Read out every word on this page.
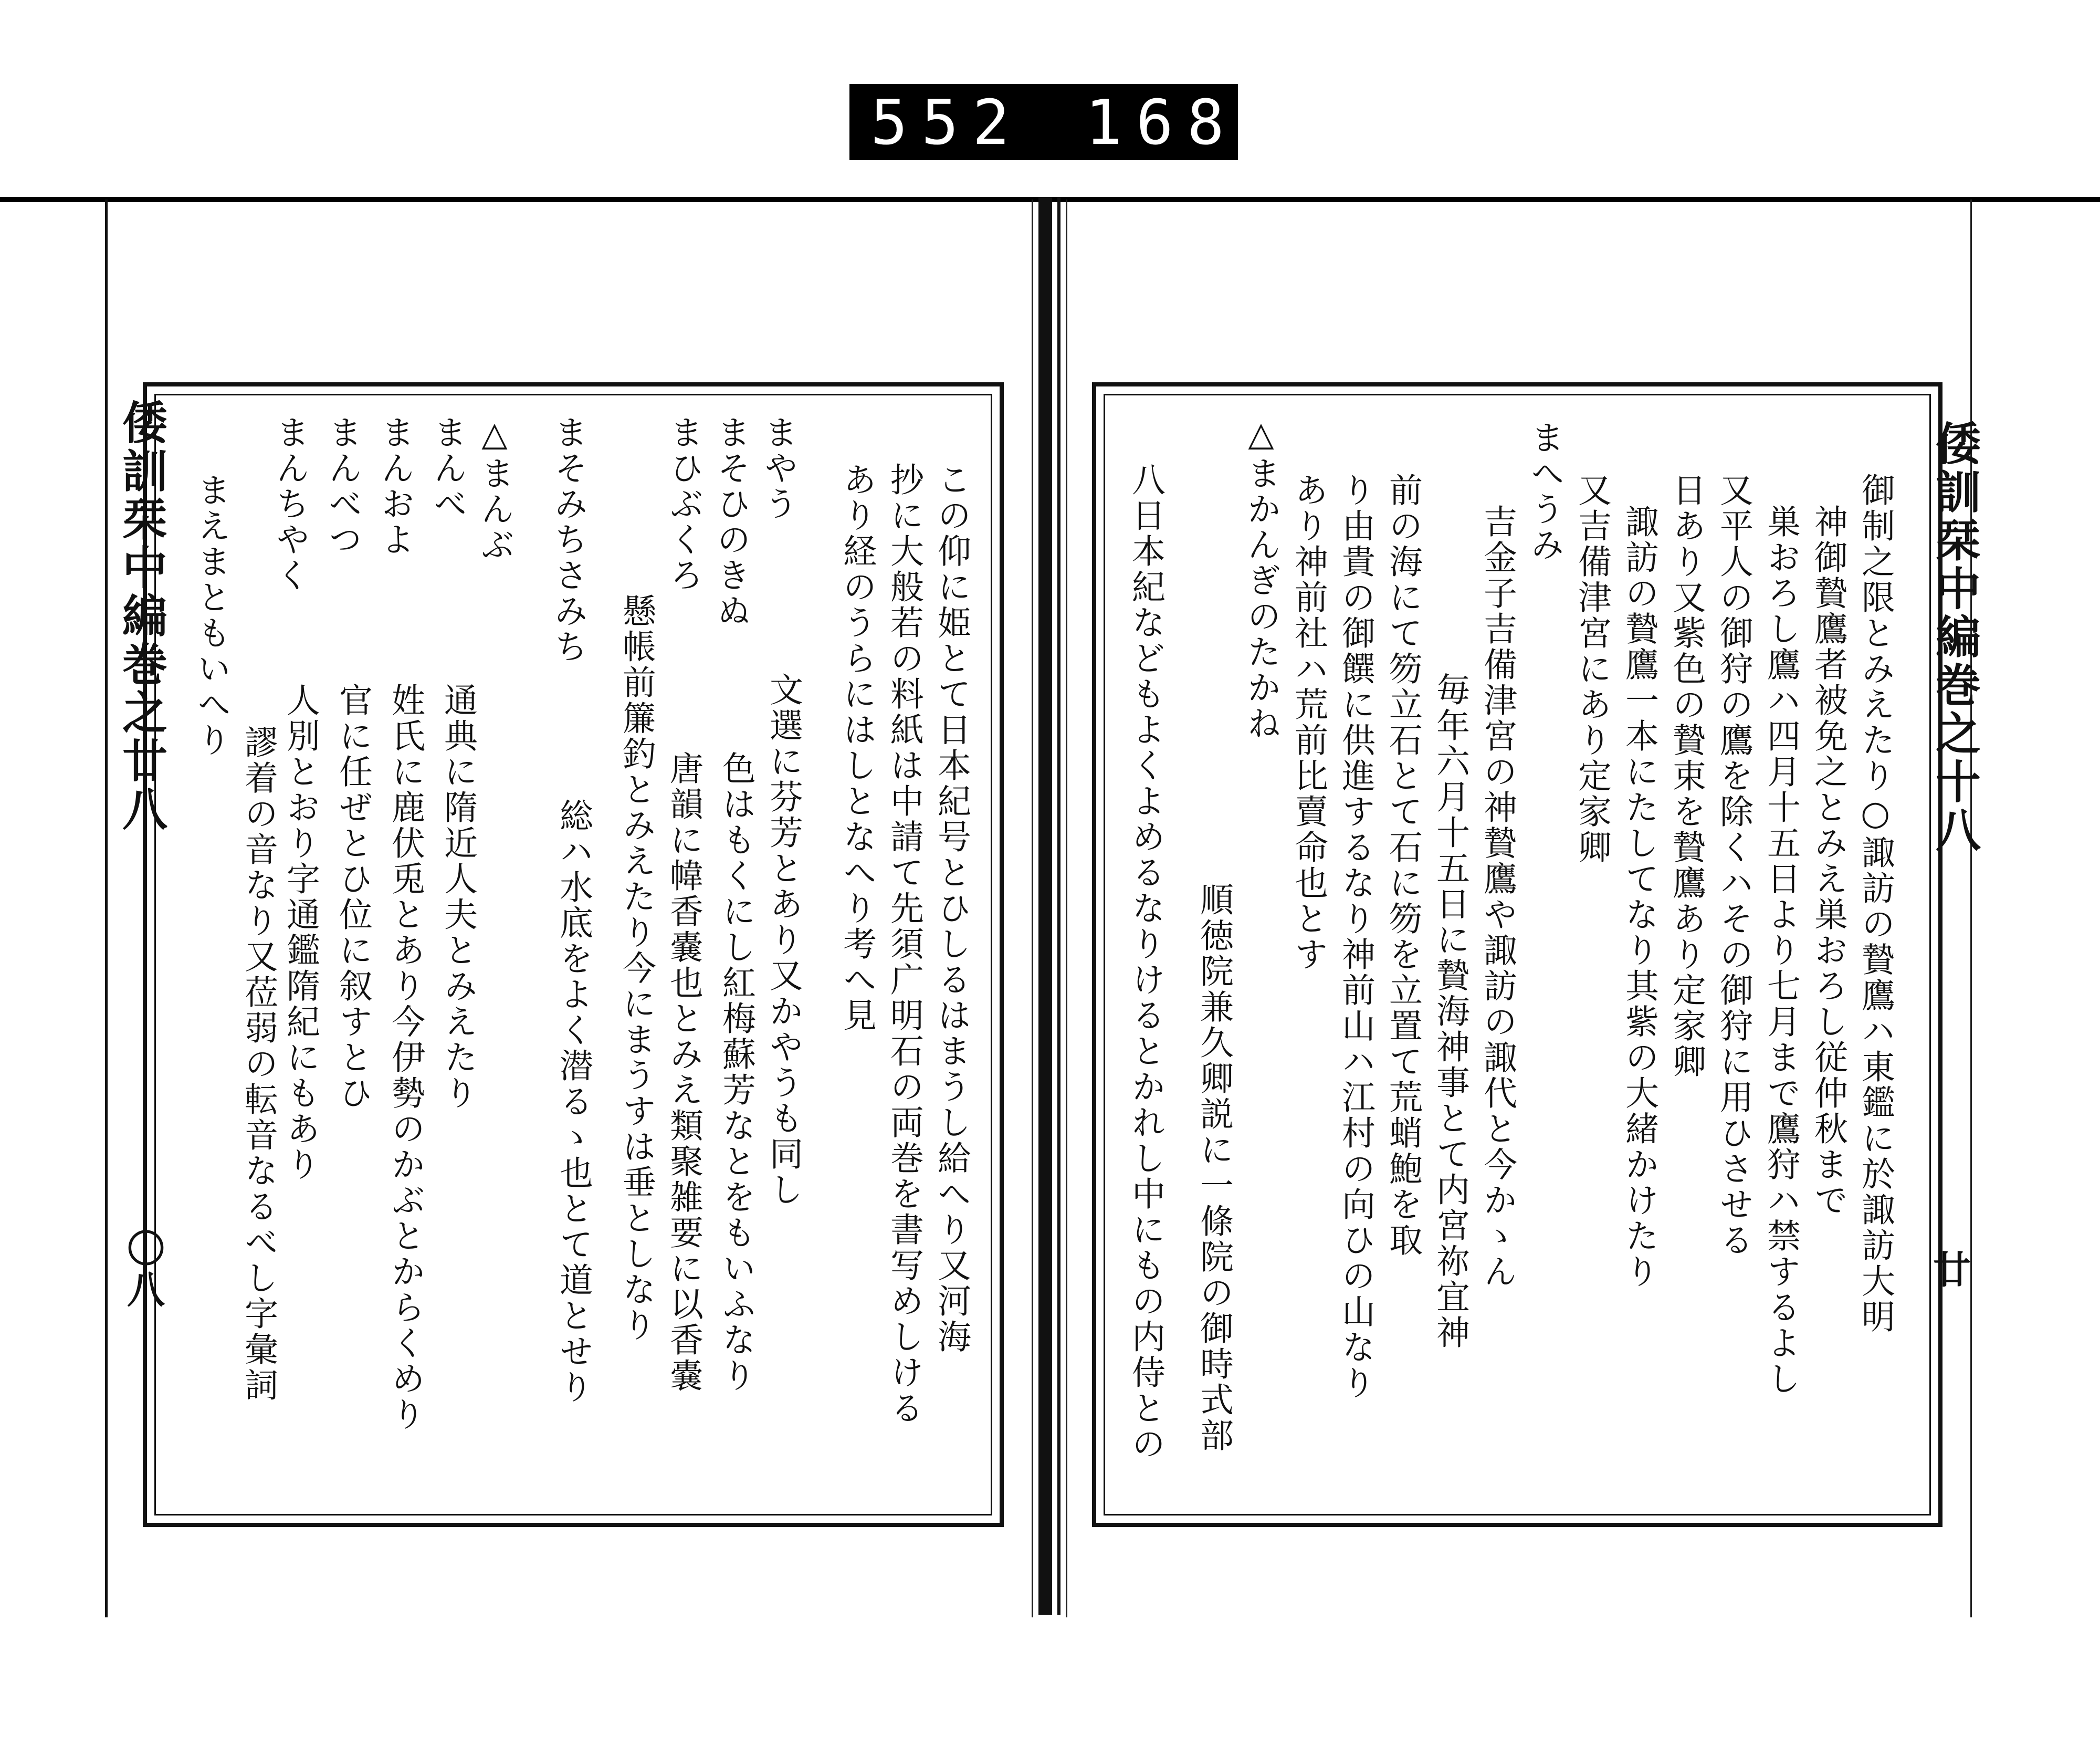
552 168
倭訓栞中編巻之十八
廿
倭訓栞中編巻之廿八
〇八	御制之限とみえたり○諏訪の贄鷹ハ東鑑に於諏訪大明
神御贄鷹者被免之とみえ巣おろし従仲秋まで
巣おろし鷹ハ四月十五日より七月まで鷹狩ハ禁するよし
又平人の御狩の鷹を除くハその御狩に用ひさせる
日あり又紫色の贄束を贄鷹あり定家卿
諏訪の贄鷹一本にたしてなり其紫の大緒かけたり
又吉備津宮にあり定家卿
まへうみ
吉金子吉備津宮の神贄鷹や諏訪の諏代と今かゝん
毎年六月十五日に贄海神事とて内宮祢宜神
前の海にて笏立石とて石に笏を立置て荒蛸鮑を取
り由貴の御饌に供進するなり神前山ハ江村の向ひの山なり
あり神前社ハ荒前比賣命也とす
△まかんぎのたかね
順徳院兼久卿説に一條院の御時式部
八日本紀などもよくよめるなりけるとかれし中にもの内侍との
この仰に姫とて日本紀号とひしるはまうし給へり又河海
抄に大般若の料紙は中請て先須广明石の両巻を書写めしける
あり経のうらにはしとなへり考へ見
まやう
文選に芬芳とあり又かやうも同し
まそひのきぬ
色はもくにし紅梅蘇芳なとをもいふなり
まひぶくろ
唐韻に幃香嚢也とみえ類聚雑要に以香嚢
懸帳前簾釣とみえたり今にまうすは垂としなり
まそみちさみち
総ハ水底をよく潜るゝ也とて道とせり
△まんぶ
まんべ
通典に隋近人夫とみえたり
まんおよ
姓氏に鹿伏兎とあり今伊勢のかぶとからくめり
まんべつ
官に任ぜとひ位に叙すとひ
まんちやく
人別とおり字通鑑隋紀にもあり
謬着の音なり又莅弱の転音なるべし字彙詞
まえまともいへり
